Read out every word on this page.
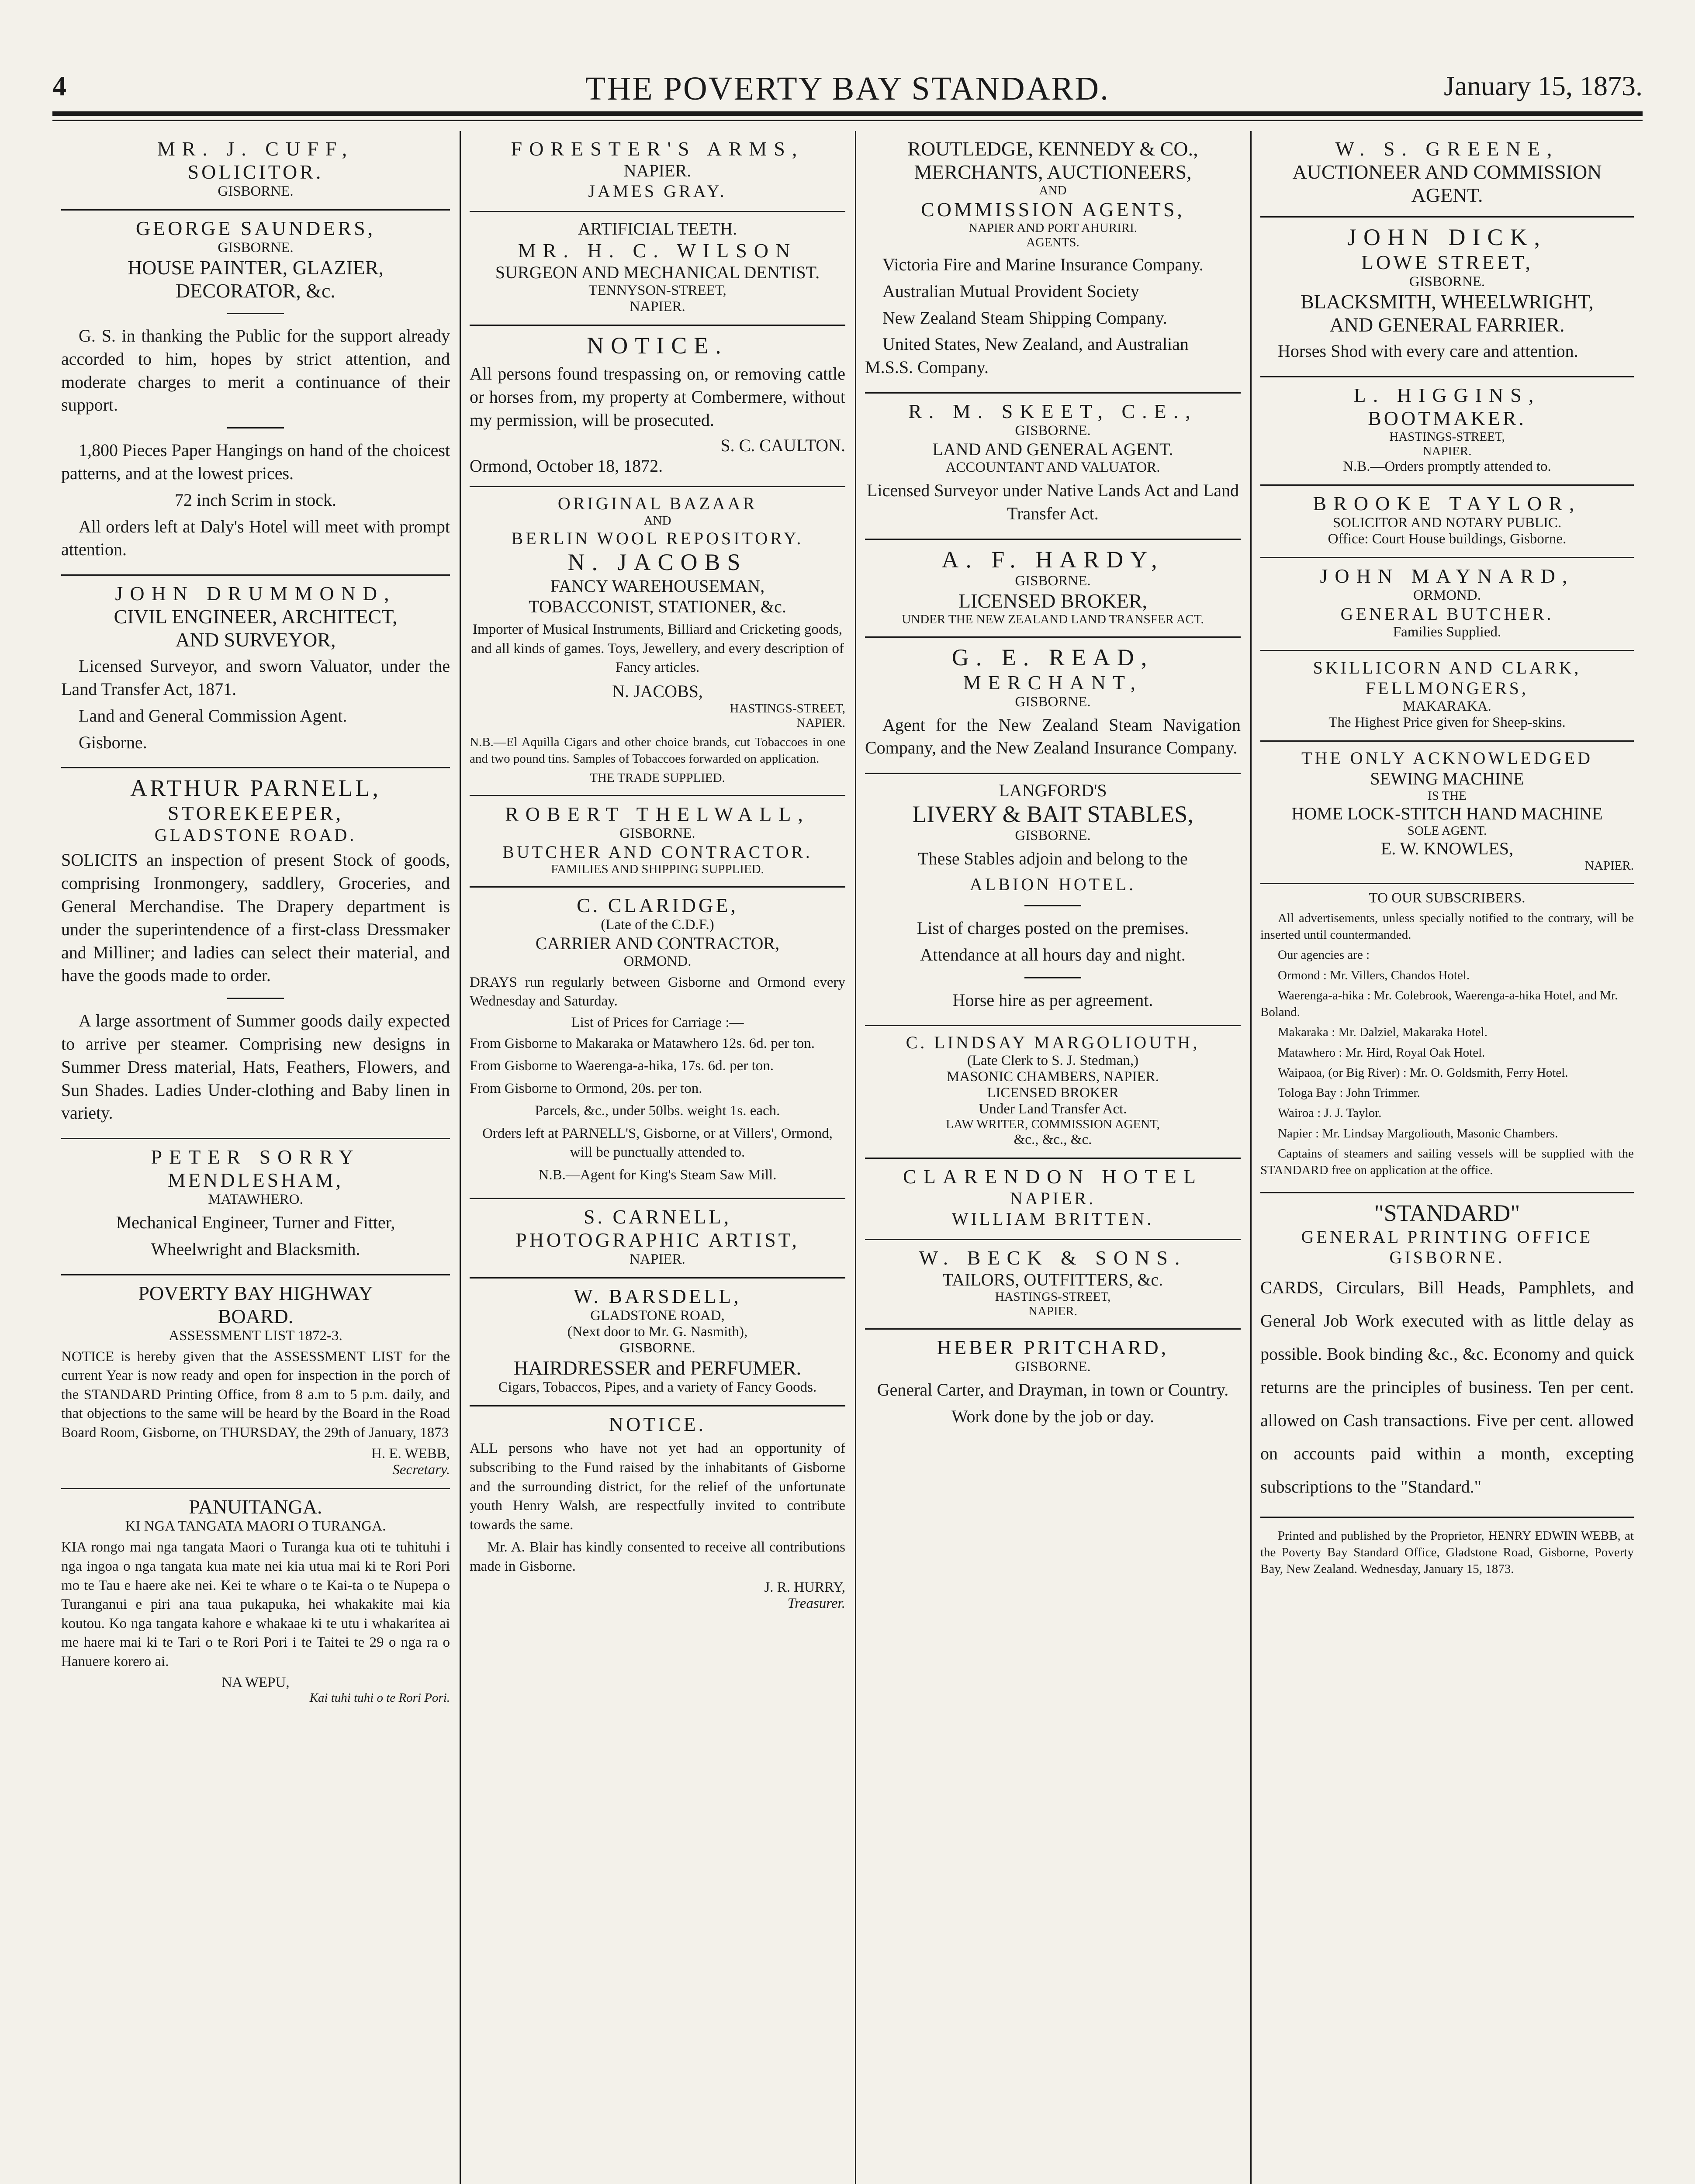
4	THE POVERTY BAY STANDARD.	January 15, 1873.
MR. J. CUFF,
SOLICITOR.
GISBORNE.
GEORGE SAUNDERS,
GISBORNE.
HOUSE PAINTER, GLAZIER,
DECORATOR, &c.

G. S. in thanking the Public for the support already accorded to him, hopes by strict attention, and moderate charges to merit a continuance of their support.

1,800 Pieces Paper Hangings on hand of the choicest patterns, and at the lowest prices.

72 inch Scrim in stock.

All orders left at Daly's Hotel will meet with prompt attention.

JOHN DRUMMOND,
CIVIL ENGINEER, ARCHITECT,
AND SURVEYOR,

Licensed Surveyor, and sworn Valuator, under the Land Transfer Act, 1871.

Land and General Commission Agent.

Gisborne.

ARTHUR PARNELL,
STOREKEEPER,
GLADSTONE ROAD.

SOLICITS an inspection of present Stock of goods, comprising Ironmongery, saddlery, Groceries, and General Merchandise. The Drapery department is under the superintendence of a first-class Dressmaker and Milliner; and ladies can select their material, and have the goods made to order.

A large assortment of Summer goods daily expected to arrive per steamer. Comprising new designs in Summer Dress material, Hats, Feathers, Flowers, and Sun Shades. Ladies Under-clothing and Baby linen in variety.

PETER SORRY
MENDLESHAM,
MATAWHERO.

Mechanical Engineer, Turner and Fitter,

Wheelwright and Blacksmith.

POVERTY BAY HIGHWAY
BOARD.
ASSESSMENT LIST 1872-3.

NOTICE is hereby given that the ASSESSMENT LIST for the current Year is now ready and open for inspection in the porch of the STANDARD Printing Office, from 8 a.m to 5 p.m. daily, and that objections to the same will be heard by the Board in the Road Board Room, Gisborne, on THURSDAY, the 29th of January, 1873

H. E. WEBB,
Secretary.
PANUITANGA.
KI NGA TANGATA MAORI O TURANGA.

KIA rongo mai nga tangata Maori o Turanga kua oti te tuhituhi i nga ingoa o nga tangata kua mate nei kia utua mai ki te Rori Pori mo te Tau e haere ake nei. Kei te whare o te Kai-ta o te Nupepa o Turanganui e piri ana taua pukapuka, hei whakakite mai kia koutou. Ko nga tangata kahore e whakaae ki te utu i whakaritea ai me haere mai ki te Tari o te Rori Pori i te Taitei te 29 o nga ra o Hanuere korero ai.

NA WEPU,
Kai tuhi tuhi o te Rori Pori.
FORESTER'S ARMS,
NAPIER.
JAMES GRAY.
ARTIFICIAL TEETH.
MR. H. C. WILSON
SURGEON AND MECHANICAL DENTIST.
TENNYSON-STREET,
NAPIER.
NOTICE.

All persons found trespassing on, or removing cattle or horses from, my property at Combermere, without my permission, will be prosecuted.

S. C. CAULTON.
Ormond, October 18, 1872.
ORIGINAL BAZAAR
AND
BERLIN WOOL REPOSITORY.
N. JACOBS
FANCY WAREHOUSEMAN,
TOBACCONIST, STATIONER, &c.

Importer of Musical Instruments, Billiard and Cricketing goods, and all kinds of games. Toys, Jewellery, and every description of Fancy articles.

N. JACOBS,
HASTINGS-STREET,
NAPIER.

N.B.—El Aquilla Cigars and other choice brands, cut Tobaccoes in one and two pound tins. Samples of Tobaccoes forwarded on application.

THE TRADE SUPPLIED.
ROBERT THELWALL,
GISBORNE.
BUTCHER AND CONTRACTOR.
FAMILIES AND SHIPPING SUPPLIED.
C. CLARIDGE,
(Late of the C.D.F.)
CARRIER AND CONTRACTOR,
ORMOND.

DRAYS run regularly between Gisborne and Ormond every Wednesday and Saturday.

List of Prices for Carriage :—

From Gisborne to Makaraka or Matawhero 12s. 6d. per ton.

From Gisborne to Waerenga-a-hika, 17s. 6d. per ton.

From Gisborne to Ormond, 20s. per ton.

Parcels, &c., under 50lbs. weight 1s. each.

Orders left at PARNELL'S, Gisborne, or at Villers', Ormond, will be punctually attended to.

N.B.—Agent for King's Steam Saw Mill.

S. CARNELL,
PHOTOGRAPHIC ARTIST,
NAPIER.
W. BARSDELL,
GLADSTONE ROAD,
(Next door to Mr. G. Nasmith),
GISBORNE.
HAIRDRESSER and PERFUMER.
Cigars, Tobaccos, Pipes, and a variety of Fancy Goods.
NOTICE.

ALL persons who have not yet had an opportunity of subscribing to the Fund raised by the inhabitants of Gisborne and the surrounding district, for the relief of the unfortunate youth Henry Walsh, are respectfully invited to contribute towards the same.

Mr. A. Blair has kindly consented to receive all contributions made in Gisborne.

J. R. HURRY,
Treasurer.
ROUTLEDGE, KENNEDY & CO.,
MERCHANTS, AUCTIONEERS,
AND
COMMISSION AGENTS,
NAPIER AND PORT AHURIRI.
AGENTS.

Victoria Fire and Marine Insurance Company.

Australian Mutual Provident Society

New Zealand Steam Shipping Company.

United States, New Zealand, and Australian M.S.S. Company.

R. M. SKEET, C.E.,
GISBORNE.
LAND AND GENERAL AGENT.
ACCOUNTANT AND VALUATOR.

Licensed Surveyor under Native Lands Act and Land Transfer Act.

A. F. HARDY,
GISBORNE.
LICENSED BROKER,
UNDER THE NEW ZEALAND LAND TRANSFER ACT.
G. E. READ,
MERCHANT,
GISBORNE.

Agent for the New Zealand Steam Navigation Company, and the New Zealand Insurance Company.

LANGFORD'S
LIVERY & BAIT STABLES,
GISBORNE.

These Stables adjoin and belong to the

ALBION HOTEL.

List of charges posted on the premises.

Attendance at all hours day and night.

Horse hire as per agreement.

C. LINDSAY MARGOLIOUTH,
(Late Clerk to S. J. Stedman,)
MASONIC CHAMBERS, NAPIER.
LICENSED BROKER
Under Land Transfer Act.
LAW WRITER, COMMISSION AGENT,
&c., &c., &c.
CLARENDON HOTEL
NAPIER.
WILLIAM BRITTEN.
W. BECK & SONS.
TAILORS, OUTFITTERS, &c.
HASTINGS-STREET,
NAPIER.
HEBER PRITCHARD,
GISBORNE.

General Carter, and Drayman, in town or Country.

Work done by the job or day.

W. S. GREENE,
AUCTIONEER AND COMMISSION AGENT.
JOHN DICK,
LOWE STREET,
GISBORNE.
BLACKSMITH, WHEELWRIGHT,
AND GENERAL FARRIER.

Horses Shod with every care and attention.

L. HIGGINS,
BOOTMAKER.
HASTINGS-STREET,
NAPIER.
N.B.—Orders promptly attended to.
BROOKE TAYLOR,
SOLICITOR AND NOTARY PUBLIC.
Office: Court House buildings, Gisborne.
JOHN MAYNARD,
ORMOND.
GENERAL BUTCHER.
Families Supplied.
SKILLICORN AND CLARK,
FELLMONGERS,
MAKARAKA.
The Highest Price given for Sheep-skins.
THE ONLY ACKNOWLEDGED
SEWING MACHINE
IS THE
HOME LOCK-STITCH HAND MACHINE
SOLE AGENT.
E. W. KNOWLES,
NAPIER.
TO OUR SUBSCRIBERS.

All advertisements, unless specially notified to the contrary, will be inserted until countermanded.

Our agencies are :

Ormond : Mr. Villers, Chandos Hotel.

Waerenga-a-hika : Mr. Colebrook, Waerenga-a-hika Hotel, and Mr. Boland.

Makaraka : Mr. Dalziel, Makaraka Hotel.

Matawhero : Mr. Hird, Royal Oak Hotel.

Waipaoa, (or Big River) : Mr. O. Goldsmith, Ferry Hotel.

Tologa Bay : John Trimmer.

Wairoa : J. J. Taylor.

Napier : Mr. Lindsay Margoliouth, Masonic Chambers.

Captains of steamers and sailing vessels will be supplied with the STANDARD free on application at the office.

"STANDARD"
GENERAL PRINTING OFFICE
GISBORNE.

CARDS, Circulars, Bill Heads, Pamphlets, and General Job Work executed with as little delay as possible. Book binding &c., &c. Economy and quick returns are the principles of business. Ten per cent. allowed on Cash transactions. Five per cent. allowed on accounts paid within a month, excepting subscriptions to the "Standard."

Printed and published by the Proprietor, HENRY EDWIN WEBB, at the Poverty Bay Standard Office, Gladstone Road, Gisborne, Poverty Bay, New Zealand. Wednesday, January 15, 1873.
